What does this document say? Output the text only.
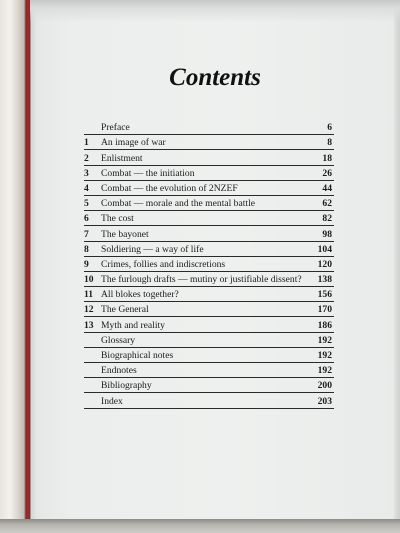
Contents
Preface	6
1	An image of war	8
2	Enlistment	18
3	Combat — the initiation	26
4	Combat — the evolution of 2NZEF	44
5	Combat — morale and the mental battle	62
6	The cost	82
7	The bayonet	98
8	Soldiering — a way of life	104
9	Crimes, follies and indiscretions	120
10 The furlough drafts — mutiny or justifiable dissent? 138
11 All blokes together?	156
12 The General	170
13 Myth and reality	186
Glossary	192
Biographical notes	192
Endnotes	192
Bibliography	200
Index	203
